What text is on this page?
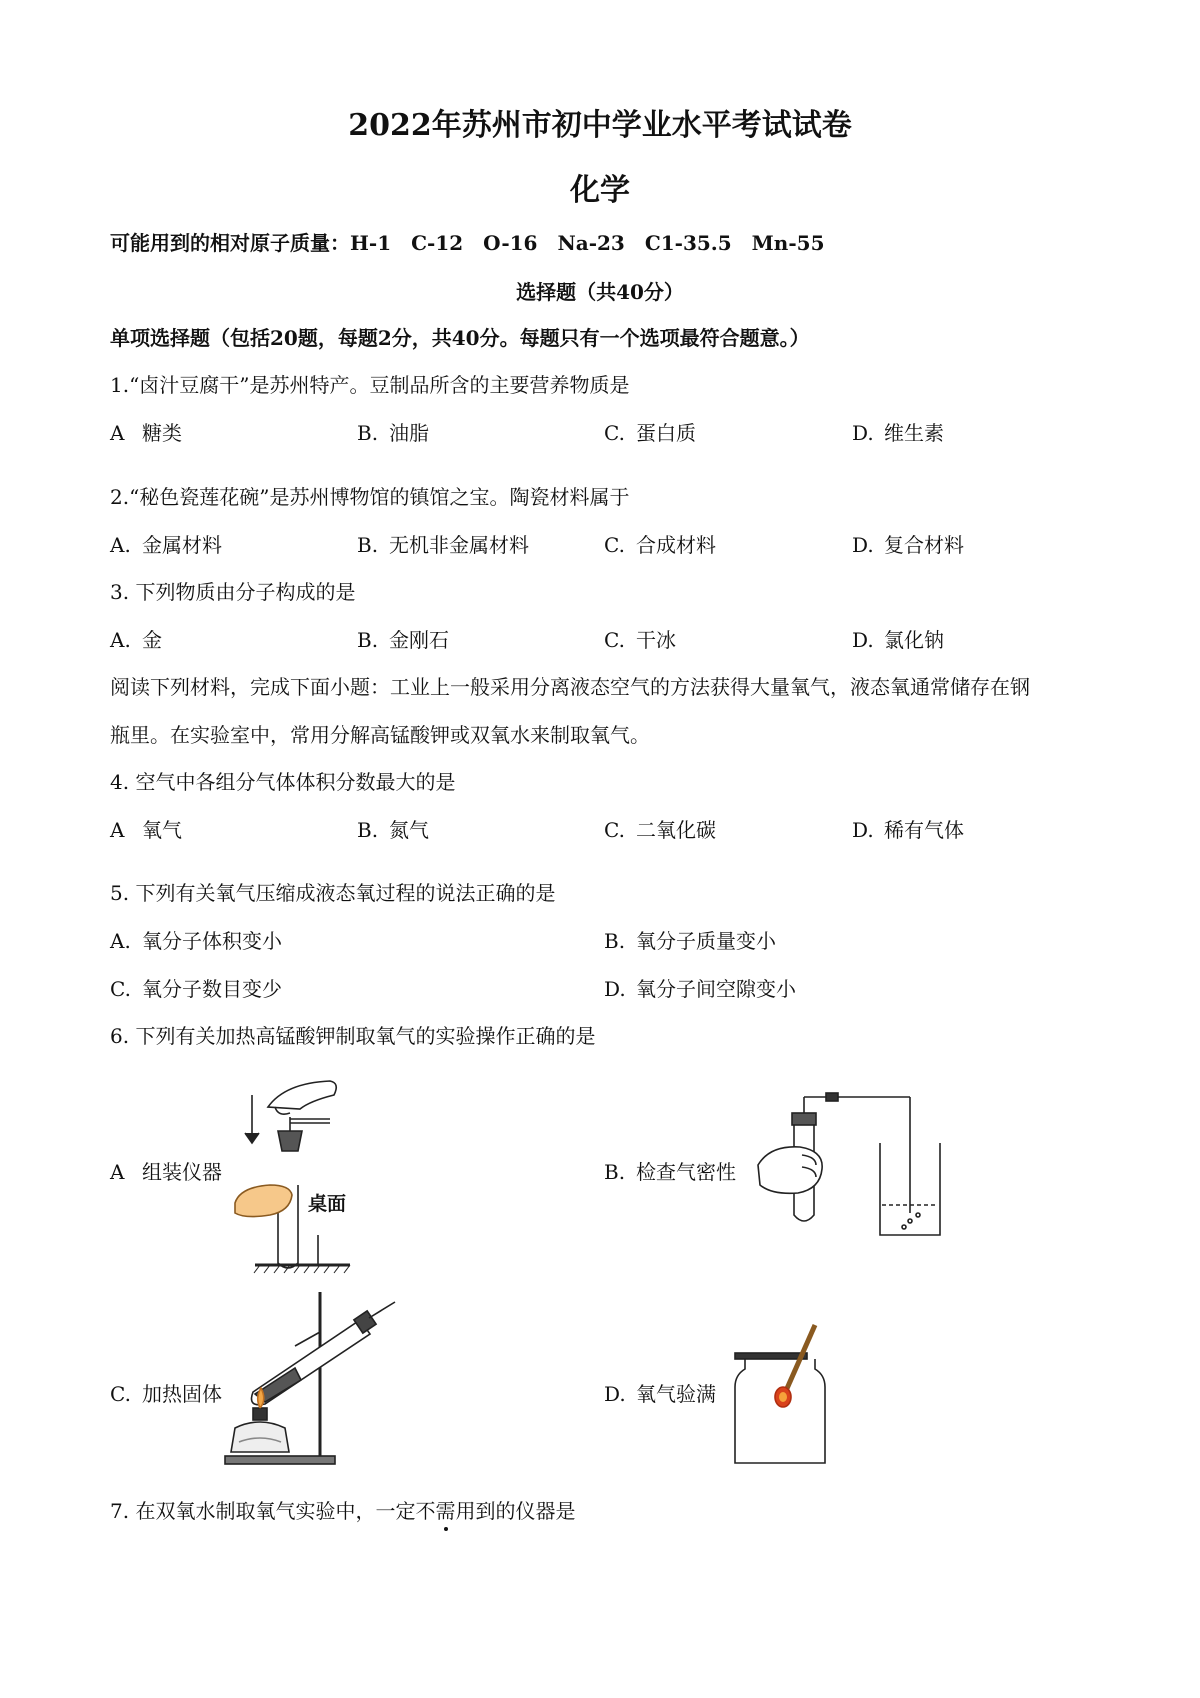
2022年苏州市初中学业水平考试试卷
化学
可能用到的相对原子质量：H-1　C-12　O-16　Na-23　C1-35.5　Mn-55
选择题（共40分）
单项选择题（包括20题，每题2分，共40分。每题只有一个选项最符合题意。）
1.“卤汁豆腐干”是苏州特产。豆制品所含的主要营养物质是
A 糖类	B. 油脂	C. 蛋白质	D. 维生素
2.“秘色瓷莲花碗”是苏州博物馆的镇馆之宝。陶瓷材料属于
A. 金属材料	B. 无机非金属材料	C. 合成材料	D. 复合材料
3. 下列物质由分子构成的是
A. 金	B. 金刚石	C. 干冰	D. 氯化钠
阅读下列材料，完成下面小题：工业上一般采用分离液态空气的方法获得大量氧气，液态氧通常储存在钢
瓶里。在实验室中，常用分解高锰酸钾或双氧水来制取氧气。
4. 空气中各组分气体体积分数最大的是
A 氧气	B. 氮气	C. 二氧化碳	D. 稀有气体
5. 下列有关氧气压缩成液态氧过程的说法正确的是
A. 氧分子体积变小	B. 氧分子质量变小
C. 氧分子数目变少	D. 氧分子间空隙变小
6. 下列有关加热高锰酸钾制取氧气的实验操作正确的是
A 组装仪器	B. 检查气密性
C. 加热固体	D. 氧气验满
桌面
7. 在双氧水制取氧气实验中，一定不需用到的仪器是
